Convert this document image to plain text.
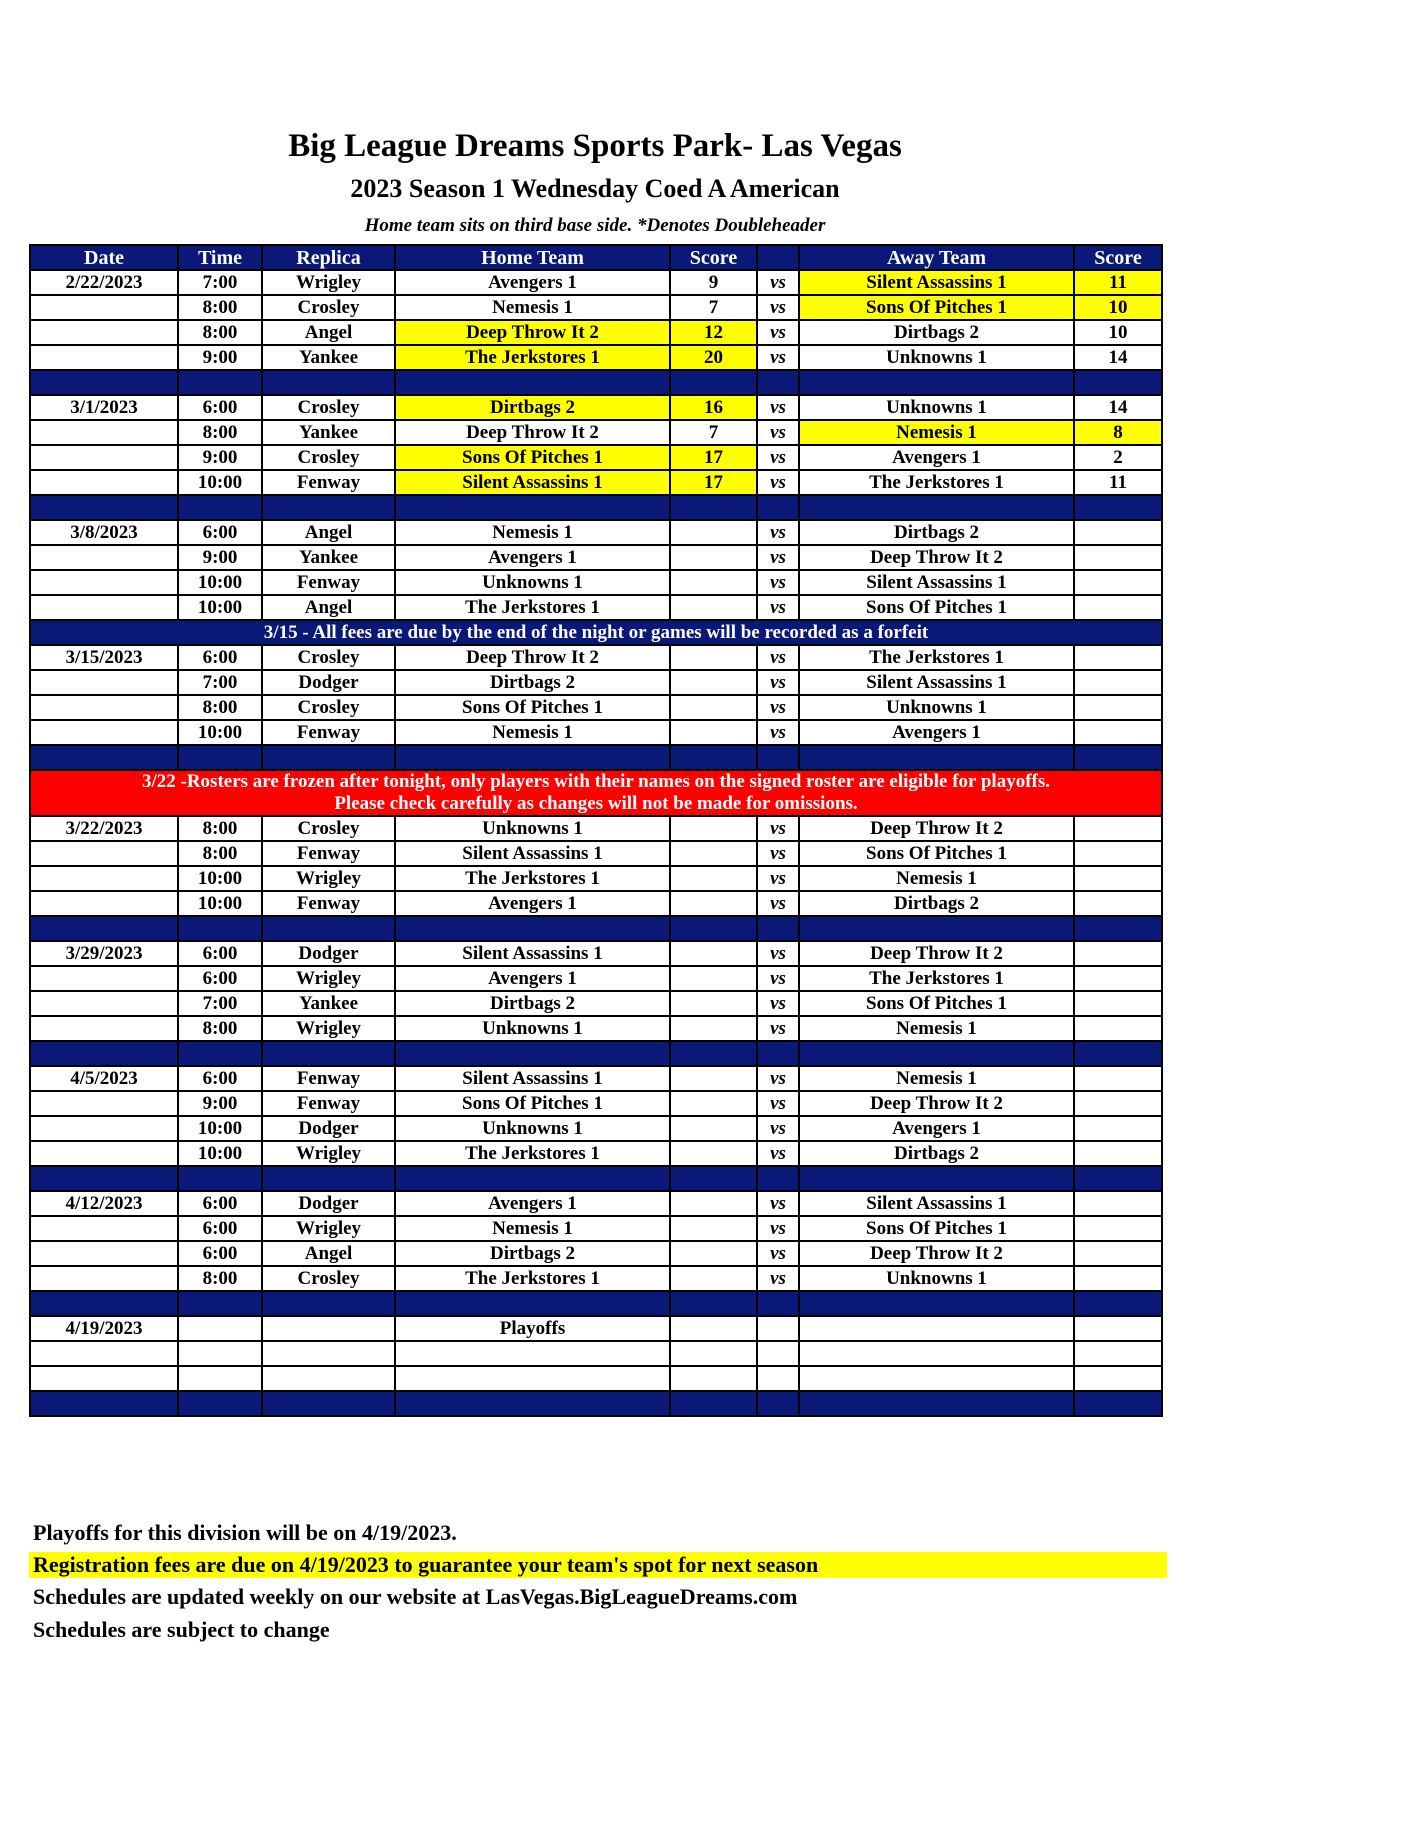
Big League Dreams Sports Park- Las Vegas
2023 Season 1 Wednesday Coed A American
Home team sits on third base side. *Denotes Doubleheader
Date	Time	Replica	Home Team	Score		Away Team	Score
2/22/2023	7:00	Wrigley	Avengers 1	9	vs	Silent Assassins 1	11
	8:00	Crosley	Nemesis 1	7	vs	Sons Of Pitches 1	10
	8:00	Angel	Deep Throw It 2	12	vs	Dirtbags 2	10
	9:00	Yankee	The Jerkstores 1	20	vs	Unknowns 1	14

3/1/2023	6:00	Crosley	Dirtbags 2	16	vs	Unknowns 1	14
	8:00	Yankee	Deep Throw It 2	7	vs	Nemesis 1	8
	9:00	Crosley	Sons Of Pitches 1	17	vs	Avengers 1	2
	10:00	Fenway	Silent Assassins 1	17	vs	The Jerkstores 1	11

3/8/2023	6:00	Angel	Nemesis 1		vs	Dirtbags 2	
	9:00	Yankee	Avengers 1		vs	Deep Throw It 2	
	10:00	Fenway	Unknowns 1		vs	Silent Assassins 1	
	10:00	Angel	The Jerkstores 1		vs	Sons Of Pitches 1	
3/15 - All fees are due by the end of the night or games will be recorded as a forfeit							
3/15/2023	6:00	Crosley	Deep Throw It 2		vs	The Jerkstores 1	
	7:00	Dodger	Dirtbags 2		vs	Silent Assassins 1	
	8:00	Crosley	Sons Of Pitches 1		vs	Unknowns 1	
	10:00	Fenway	Nemesis 1		vs	Avengers 1	

3/22 -Rosters are frozen after tonight, only players with their names on the signed roster are eligible for playoffs.
Please check carefully as changes will not be made for omissions.							

3/22/2023	8:00	Crosley	Unknowns 1		vs	Deep Throw It 2	
	8:00	Fenway	Silent Assassins 1		vs	Sons Of Pitches 1	
	10:00	Wrigley	The Jerkstores 1		vs	Nemesis 1	
	10:00	Fenway	Avengers 1		vs	Dirtbags 2	

3/29/2023	6:00	Dodger	Silent Assassins 1		vs	Deep Throw It 2	
	6:00	Wrigley	Avengers 1		vs	The Jerkstores 1	
	7:00	Yankee	Dirtbags 2		vs	Sons Of Pitches 1	
	8:00	Wrigley	Unknowns 1		vs	Nemesis 1	

4/5/2023	6:00	Fenway	Silent Assassins 1		vs	Nemesis 1	
	9:00	Fenway	Sons Of Pitches 1		vs	Deep Throw It 2	
	10:00	Dodger	Unknowns 1		vs	Avengers 1	
	10:00	Wrigley	The Jerkstores 1		vs	Dirtbags 2	

4/12/2023	6:00	Dodger	Avengers 1		vs	Silent Assassins 1	
	6:00	Wrigley	Nemesis 1		vs	Sons Of Pitches 1	
	6:00	Angel	Dirtbags 2		vs	Deep Throw It 2	
	8:00	Crosley	The Jerkstores 1		vs	Unknowns 1	

4/19/2023			Playoffs				

Playoffs for this division will be on 4/19/2023.
Registration fees are due on 4/19/2023 to guarantee your team's spot for next season
Schedules are updated weekly on our website at LasVegas.BigLeagueDreams.com
Schedules are subject to change
